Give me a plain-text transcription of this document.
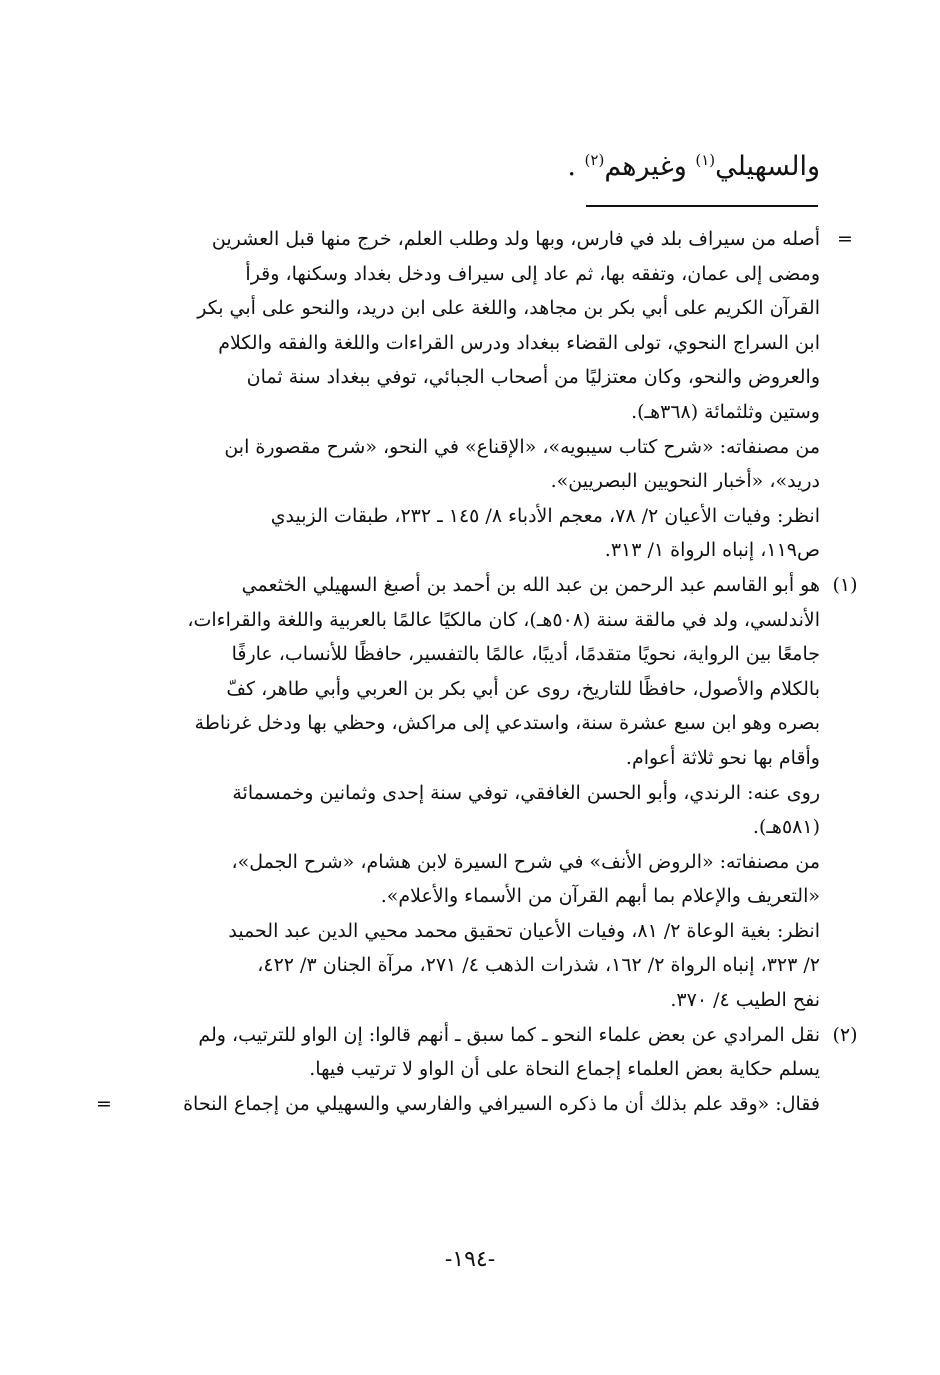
والسهيلي$^{(١)}$ وغيرهم$^{(٢)}$ .
=
أصله من سيراف بلد في فارس، وبها ولد وطلب العلم، خرج منها قبل العشرين
ومضى إلى عمان، وتفقه بها، ثم عاد إلى سيراف ودخل بغداد وسكنها، وقرأ
القرآن الكريم على أبي بكر بن مجاهد، واللغة على ابن دريد، والنحو على أبي بكر
ابن السراج النحوي، تولى القضاء ببغداد ودرس القراءات واللغة والفقه والكلام
والعروض والنحو، وكان معتزليًا من أصحاب الجبائي، توفي ببغداد سنة ثمان
وستين وثلثمائة (٣٦٨هـ).
من مصنفاته: «شرح كتاب سيبويه»، «الإقناع» في النحو، «شرح مقصورة ابن
دريد»، «أخبار النحويين البصريين».
انظر: وفيات الأعيان ٢/ ٧٨، معجم الأدباء ٨/ ١٤٥ ـ ٢٣٢، طبقات الزبيدي
ص١١٩، إنباه الرواة ١/ ٣١٣.
(١)
هو أبو القاسم عبد الرحمن بن عبد الله بن أحمد بن أصبغ السهيلي الخثعمي
الأندلسي، ولد في مالقة سنة (٥٠٨هـ)، كان مالكيًا عالمًا بالعربية واللغة والقراءات،
جامعًا بين الرواية، نحويًا متقدمًا، أديبًا، عالمًا بالتفسير، حافظًا للأنساب، عارفًا
بالكلام والأصول، حافظًا للتاريخ، روى عن أبي بكر بن العربي وأبي طاهر، كفّ
بصره وهو ابن سبع عشرة سنة، واستدعي إلى مراكش، وحظي بها ودخل غرناطة
وأقام بها نحو ثلاثة أعوام.
روى عنه: الرندي، وأبو الحسن الغافقي، توفي سنة إحدى وثمانين وخمسمائة
(٥٨١هـ).
من مصنفاته: «الروض الأنف» في شرح السيرة لابن هشام، «شرح الجمل»،
«التعريف والإعلام بما أبهم القرآن من الأسماء والأعلام».
انظر: بغية الوعاة ٢/ ٨١، وفيات الأعيان تحقيق محمد محيي الدين عبد الحميد
٢/ ٣٢٣، إنباه الرواة ٢/ ١٦٢، شذرات الذهب ٤/ ٢٧١، مرآة الجنان ٣/ ٤٢٢،
نفح الطيب ٤/ ٣٧٠.
(٢)
نقل المرادي عن بعض علماء النحو ـ كما سبق ـ أنهم قالوا: إن الواو للترتيب، ولم
يسلم حكاية بعض العلماء إجماع النحاة على أن الواو لا ترتيب فيها.
فقال: «وقد علم بذلك أن ما ذكره السيرافي والفارسي والسهيلي من إجماع النحاة
=
-١٩٤-
